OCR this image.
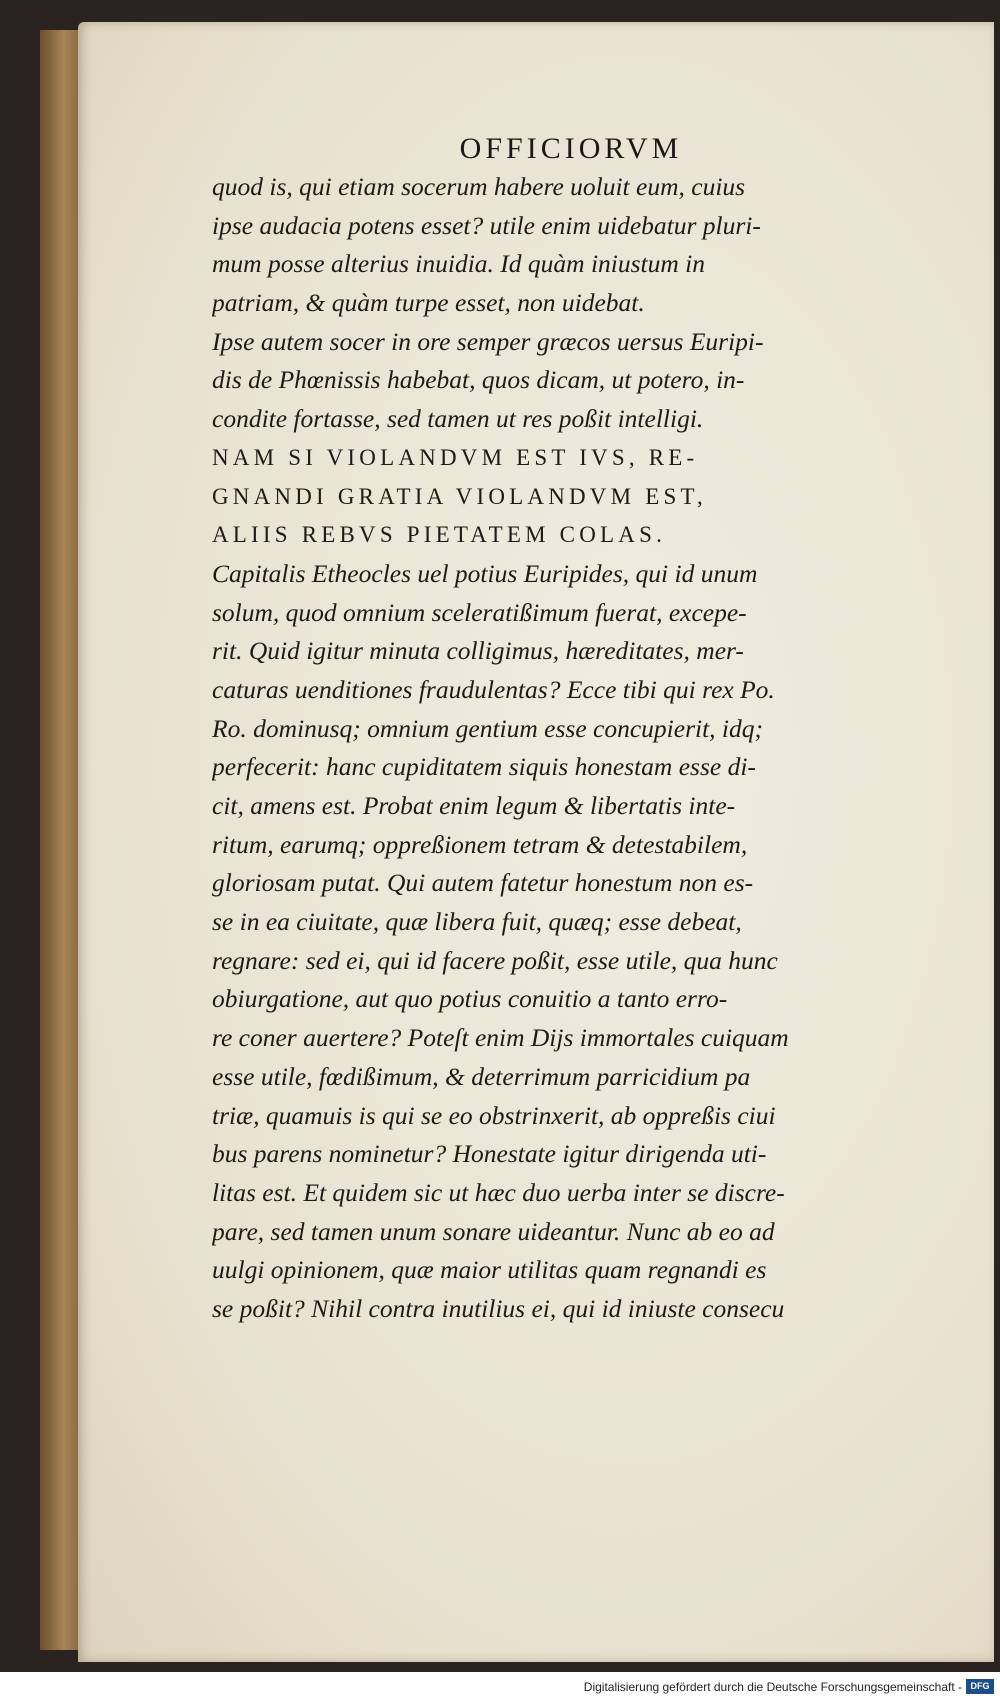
OFFICIORVM
quod is, qui etiam socerum habere uoluit eum, cuius
ipse audacia potens esset? utile enim uidebatur pluri-
mum posse alterius inuidia. Id quàm iniustum in
patriam, & quàm turpe esset, non uidebat.
Ipse autem socer in ore semper græcos uersus Euripi-
dis de Phœnissis habebat, quos dicam, ut potero, in-
condite fortasse, sed tamen ut res poßit intelligi.
NAM SI VIOLANDVM EST IVS, RE-
GNANDI GRATIA VIOLANDVM EST,
ALIIS REBVS PIETATEM COLAS.
Capitalis Etheocles uel potius Euripides, qui id unum
solum, quod omnium sceleratißimum fuerat, excepe-
rit. Quid igitur minuta colligimus, hæreditates, mer-
caturas uenditiones fraudulentas? Ecce tibi qui rex Po.
Ro. dominusq; omnium gentium esse concupierit, idq;
perfecerit: hanc cupiditatem siquis honestam esse di-
cit, amens est. Probat enim legum & libertatis inte-
ritum, earumq; oppreßionem tetram & detestabilem,
gloriosam putat. Qui autem fatetur honestum non es-
se in ea ciuitate, quæ libera fuit, quæq; esse debeat,
regnare: sed ei, qui id facere poßit, esse utile, qua hunc
obiurgatione, aut quo potius conuitio a tanto erro-
re coner auertere? Poteſt enim Dijs immortales cuiquam
esse utile, fœdißimum, & deterrimum parricidium pa
triæ, quamuis is qui se eo obstrinxerit, ab oppreßis ciui
bus parens nominetur? Honestate igitur dirigenda uti-
litas est. Et quidem sic ut hæc duo uerba inter se discre-
pare, sed tamen unum sonare uideantur. Nunc ab eo ad
uulgi opinionem, quæ maior utilitas quam regnandi es
se poßit? Nihil contra inutilius ei, qui id iniuste consecu
Digitalisierung gefördert durch die Deutsche Forschungsgemeinschaft - DFG
